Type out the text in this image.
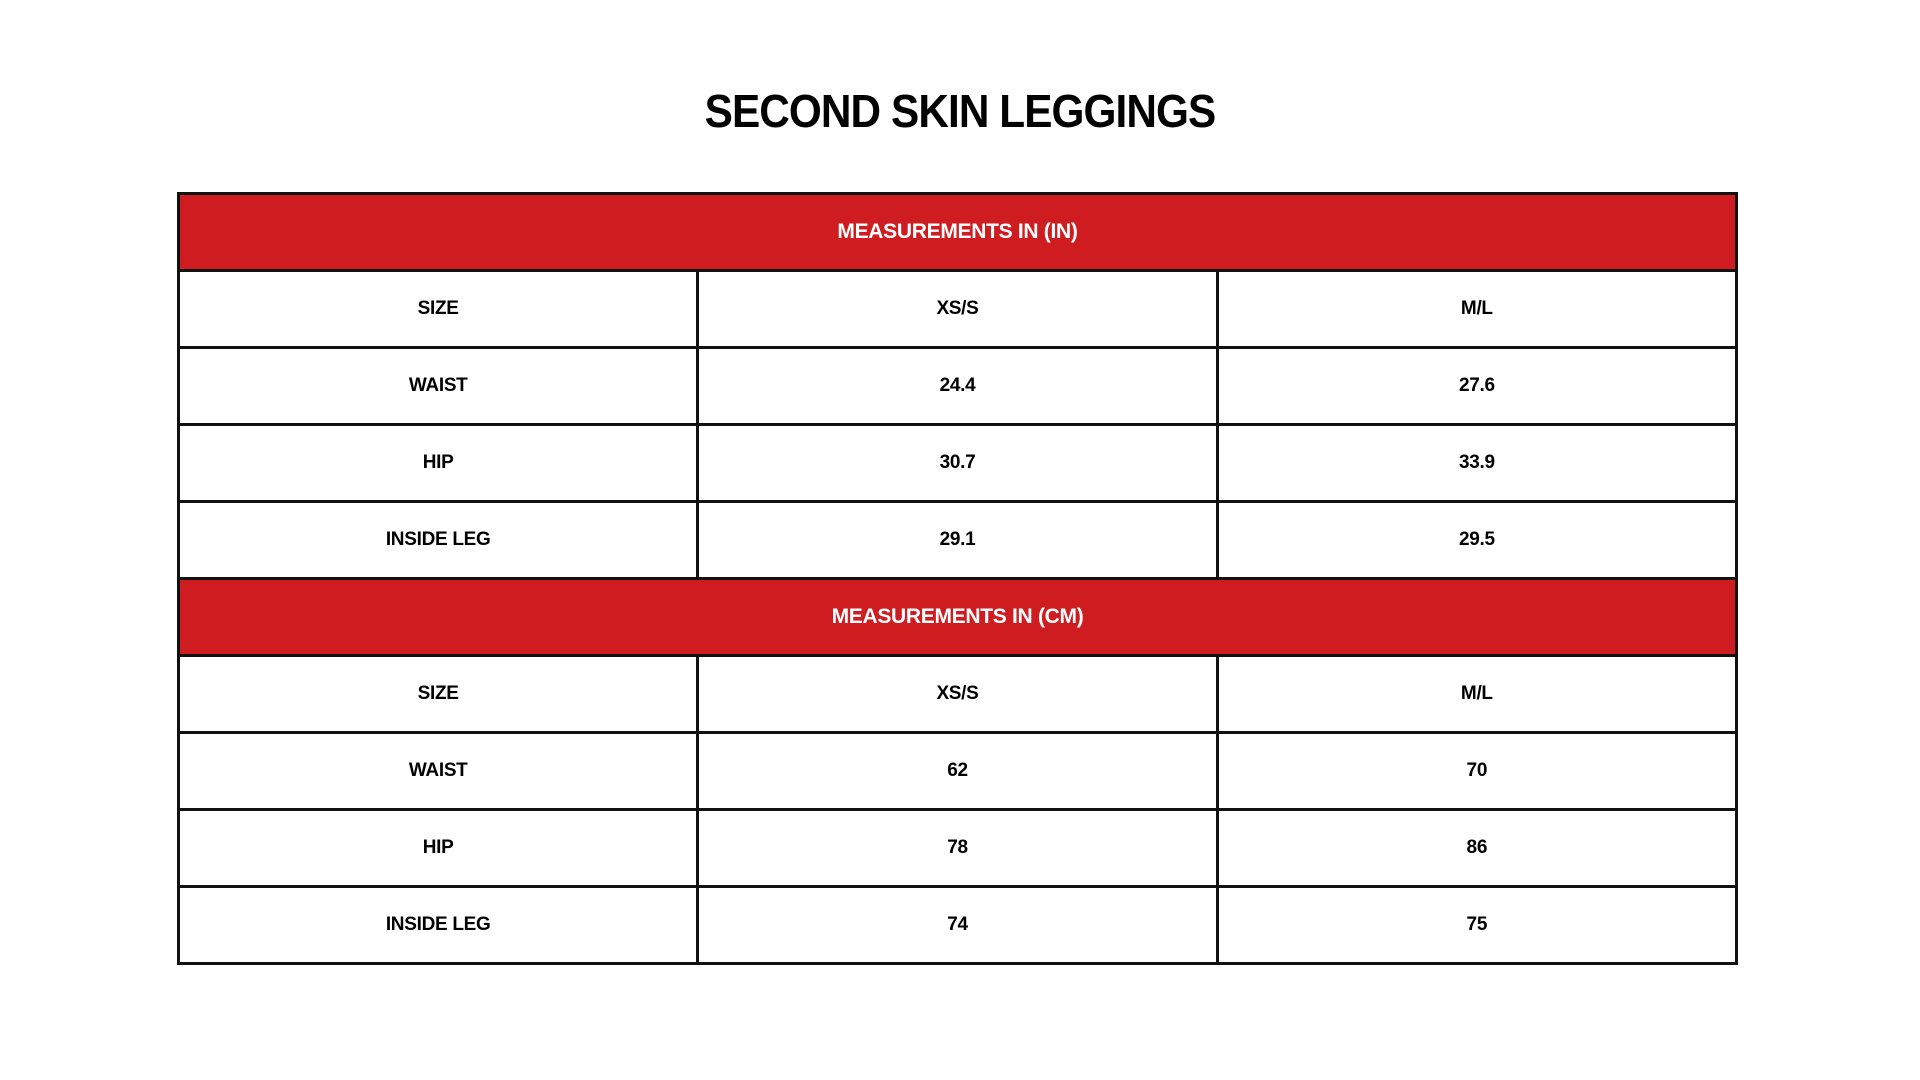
SECOND SKIN LEGGINGS
MEASUREMENTS IN (IN)		
SIZE	XS/S	M/L
WAIST	24.4	27.6
HIP	30.7	33.9
INSIDE LEG	29.1	29.5
MEASUREMENTS IN (CM)		
SIZE	XS/S	M/L
WAIST	62	70
HIP	78	86
INSIDE LEG	74	75
